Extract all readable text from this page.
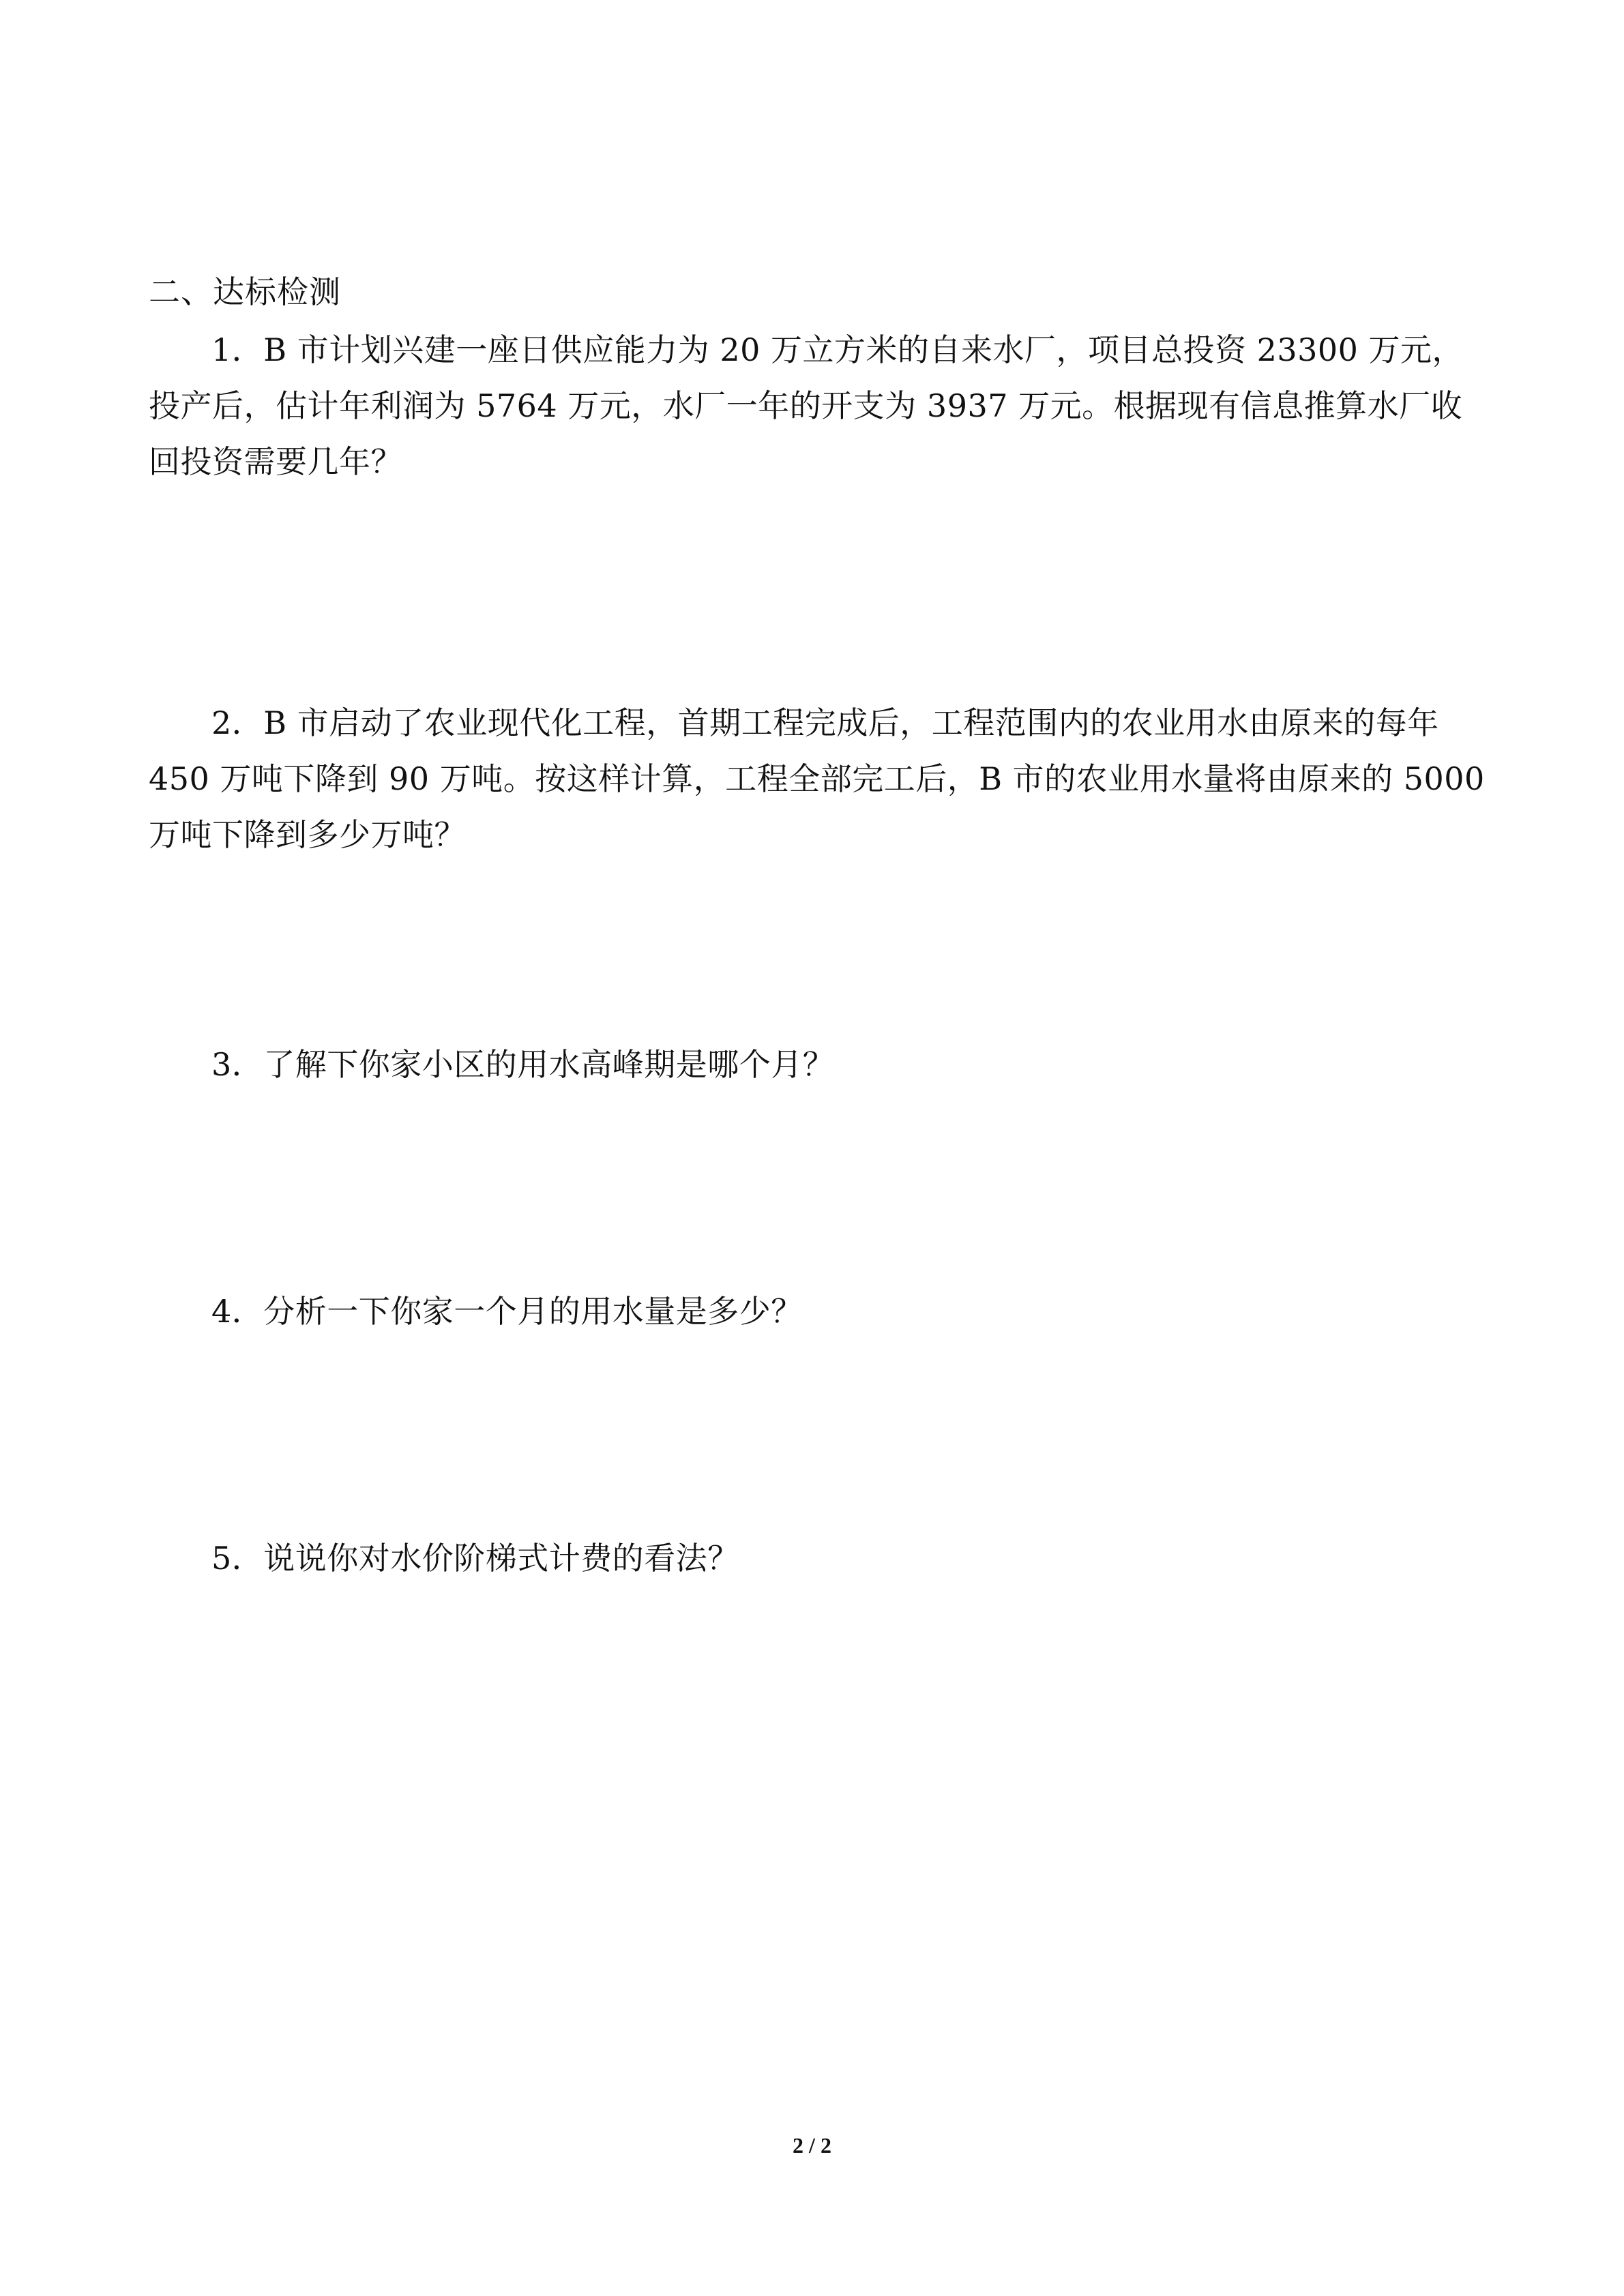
二、达标检测

1．B 市计划兴建一座日供应能力为 20 万立方米的自来水厂，项目总投资 23300 万元，投产后，估计年利润为 5764 万元，水厂一年的开支为 3937 万元。根据现有信息推算水厂收回投资需要几年？

2．B 市启动了农业现代化工程，首期工程完成后，工程范围内的农业用水由原来的每年 450 万吨下降到 90 万吨。按这样计算，工程全部完工后，B 市的农业用水量将由原来的 5000 万吨下降到多少万吨？

3．了解下你家小区的用水高峰期是哪个月？

4．分析一下你家一个月的用水量是多少？

5．说说你对水价阶梯式计费的看法？

2 / 2
